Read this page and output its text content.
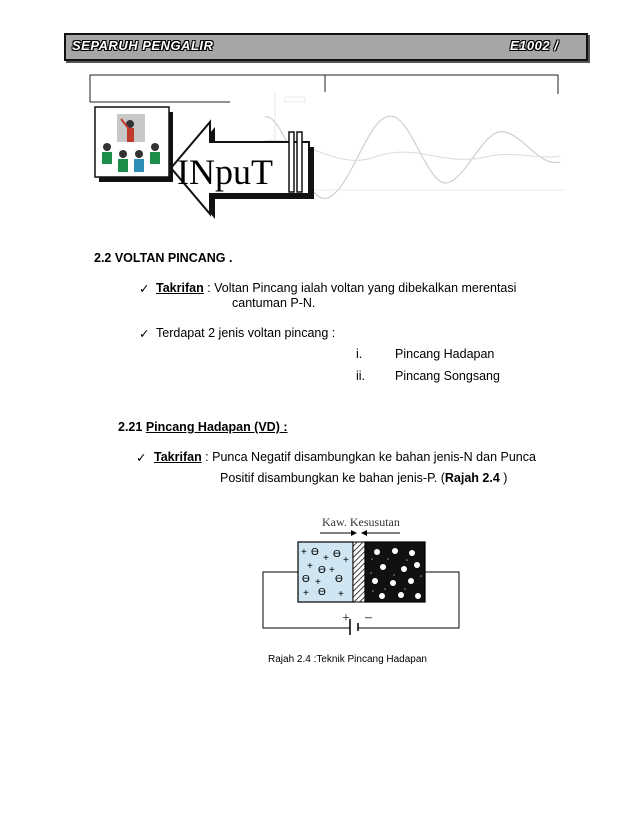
SEPARUH PENGALIR	E1002 /
INpuT
2.2 VOLTAN PINCANG .
✓ Takrifan : Voltan Pincang ialah voltan yang dibekalkan merentasi
cantuman P-N.
✓ Terdapat 2 jenis voltan pincang :
i.	Pincang Hadapan
ii. Pincang Songsang
2.21 Pincang Hadapan (VD) :
✓ Takrifan : Punca Negatif disambungkan ke bahan jenis-N dan Punca
Positif disambungkan ke bahan jenis-P. (Rajah 2.4 )
Kaw. Kesusutan
+ ϴ
+ ϴ
+
+ ϴ +
ϴ + ϴ
+ ϴ +
+ –
Rajah 2.4 :Teknik Pincang Hadapan
